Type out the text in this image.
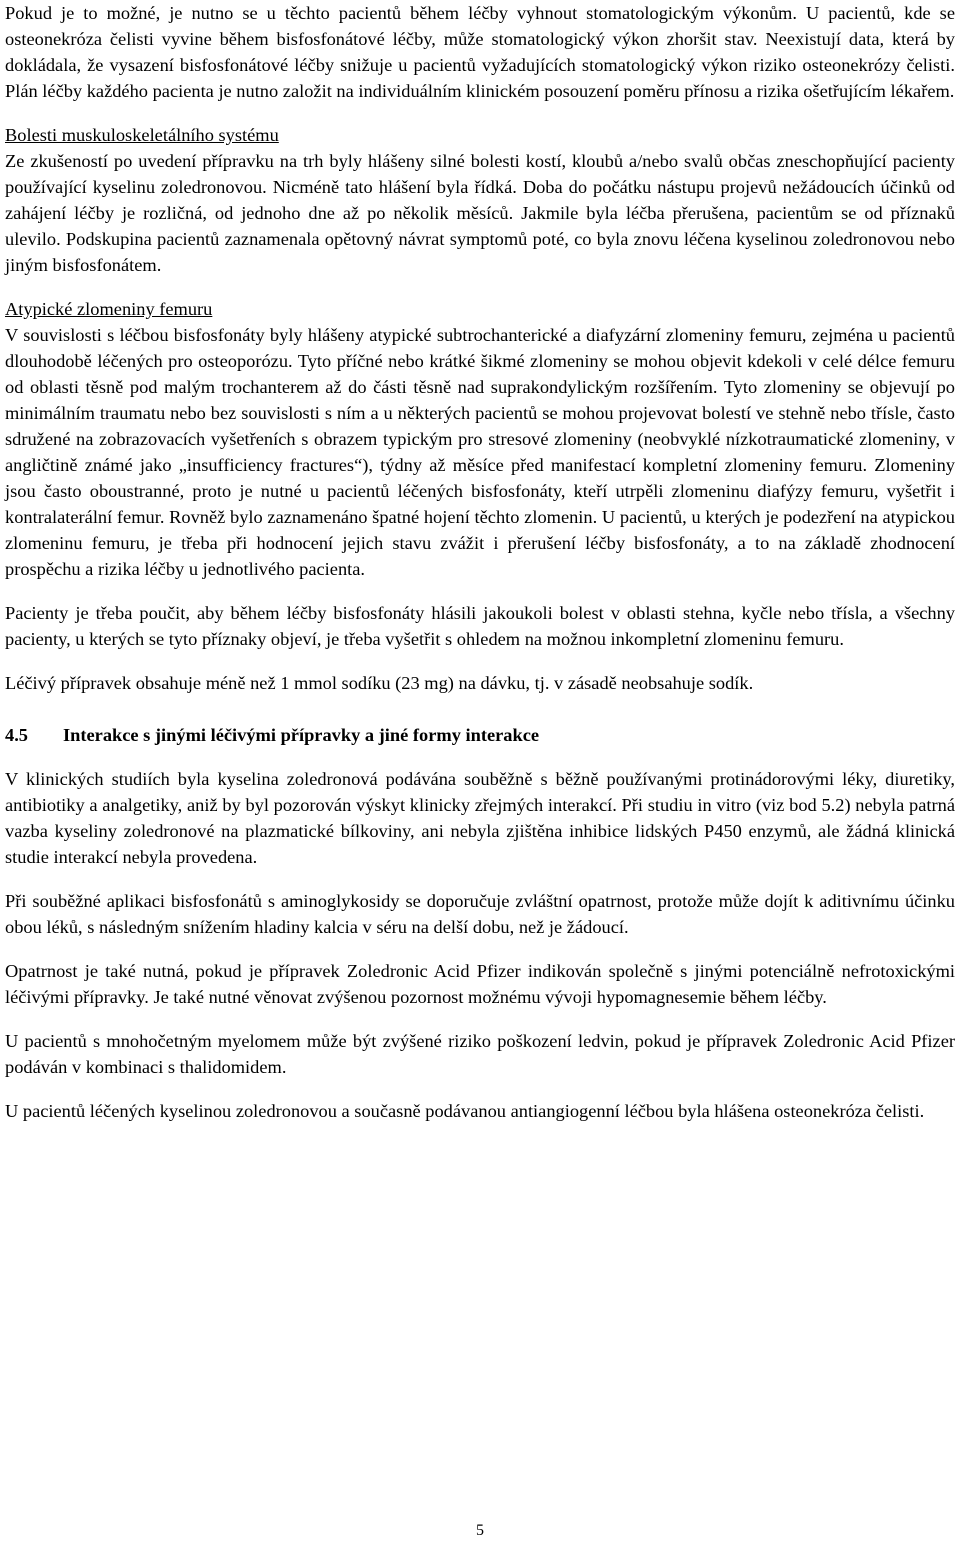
Pokud je to možné, je nutno se u těchto pacientů během léčby vyhnout stomatologickým výkonům. U pacientů, kde se osteonekróza čelisti vyvine během bisfosfonátové léčby, může stomatologický výkon zhoršit stav. Neexistují data, která by dokládala, že vysazení bisfosfonátové léčby snižuje u pacientů vyžadujících stomatologický výkon riziko osteonekrózy čelisti. Plán léčby každého pacienta je nutno založit na individuálním klinickém posouzení poměru přínosu a rizika ošetřujícím lékařem.

Bolesti muskuloskeletálního systému
Ze zkušeností po uvedení přípravku na trh byly hlášeny silné bolesti kostí, kloubů a/nebo svalů občas zneschopňující pacienty používající kyselinu zoledronovou. Nicméně tato hlášení byla řídká. Doba do počátku nástupu projevů nežádoucích účinků od zahájení léčby je rozličná, od jednoho dne až po několik měsíců. Jakmile byla léčba přerušena, pacientům se od příznaků ulevilo. Podskupina pacientů zaznamenala opětovný návrat symptomů poté, co byla znovu léčena kyselinou zoledronovou nebo jiným bisfosfonátem.

Atypické zlomeniny femuru
V souvislosti s léčbou bisfosfonáty byly hlášeny atypické subtrochanterické a diafyzární zlomeniny femuru, zejména u pacientů dlouhodobě léčených pro osteoporózu. Tyto příčné nebo krátké šikmé zlomeniny se mohou objevit kdekoli v celé délce femuru od oblasti těsně pod malým trochanterem až do části těsně nad suprakondylickým rozšířením. Tyto zlomeniny se objevují po minimálním traumatu nebo bez souvislosti s ním a u některých pacientů se mohou projevovat bolestí ve stehně nebo třísle, často sdružené na zobrazovacích vyšetřeních s obrazem typickým pro stresové zlomeniny (neobvyklé nízkotraumatické zlomeniny, v angličtině známé jako „insufficiency fractures“), týdny až měsíce před manifestací kompletní zlomeniny femuru. Zlomeniny jsou často oboustranné, proto je nutné u pacientů léčených bisfosfonáty, kteří utrpěli zlomeninu diafýzy femuru, vyšetřit i kontralaterální femur. Rovněž bylo zaznamenáno špatné hojení těchto zlomenin. U pacientů, u kterých je podezření na atypickou zlomeninu femuru, je třeba při hodnocení jejich stavu zvážit i přerušení léčby bisfosfonáty, a to na základě zhodnocení prospěchu a rizika léčby u jednotlivého pacienta.

Pacienty je třeba poučit, aby během léčby bisfosfonáty hlásili jakoukoli bolest v oblasti stehna, kyčle nebo třísla, a všechny pacienty, u kterých se tyto příznaky objeví, je třeba vyšetřit s ohledem na možnou inkompletní zlomeninu femuru.

Léčivý přípravek obsahuje méně než 1 mmol sodíku (23 mg) na dávku, tj. v zásadě neobsahuje sodík.

4.5 Interakce s jinými léčivými přípravky a jiné formy interakce

V klinických studiích byla kyselina zoledronová podávána souběžně s běžně používanými protinádorovými léky, diuretiky, antibiotiky a analgetiky, aniž by byl pozorován výskyt klinicky zřejmých interakcí. Při studiu in vitro (viz bod 5.2) nebyla patrná vazba kyseliny zoledronové na plazmatické bílkoviny, ani nebyla zjištěna inhibice lidských P450 enzymů, ale žádná klinická studie interakcí nebyla provedena.

Při souběžné aplikaci bisfosfonátů s aminoglykosidy se doporučuje zvláštní opatrnost, protože může dojít k aditivnímu účinku obou léků, s následným snížením hladiny kalcia v séru na delší dobu, než je žádoucí.

Opatrnost je také nutná, pokud je přípravek Zoledronic Acid Pfizer indikován společně s jinými potenciálně nefrotoxickými léčivými přípravky. Je také nutné věnovat zvýšenou pozornost možnému vývoji hypomagnesemie během léčby.

U pacientů s mnohočetným myelomem může být zvýšené riziko poškození ledvin, pokud je přípravek Zoledronic Acid Pfizer podáván v kombinaci s thalidomidem.

U pacientů léčených kyselinou zoledronovou a současně podávanou antiangiogenní léčbou byla hlášena osteonekróza čelisti.

5
